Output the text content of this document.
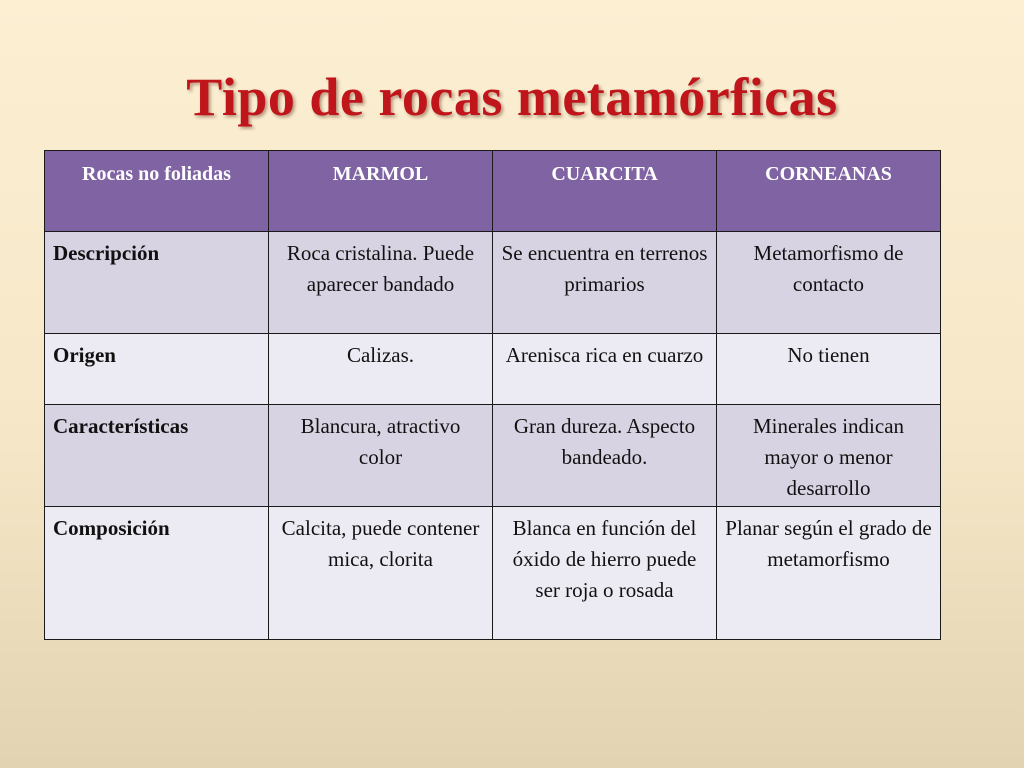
Tipo de rocas metamórficas
Rocas no foliadas	MARMOL	CUARCITA	CORNEANAS
Descripción	Roca cristalina. Puede aparecer bandado	Se encuentra en terrenos primarios	Metamorfismo de contacto
Origen	Calizas.	Arenisca rica en cuarzo	No tienen
Características	Blancura, atractivo color	Gran dureza. Aspecto bandeado.	Minerales indican mayor o menor desarrollo
Composición	Calcita, puede contener mica, clorita	Blanca en función del óxido de hierro puede ser roja o rosada	Planar según el grado de metamorfismo
